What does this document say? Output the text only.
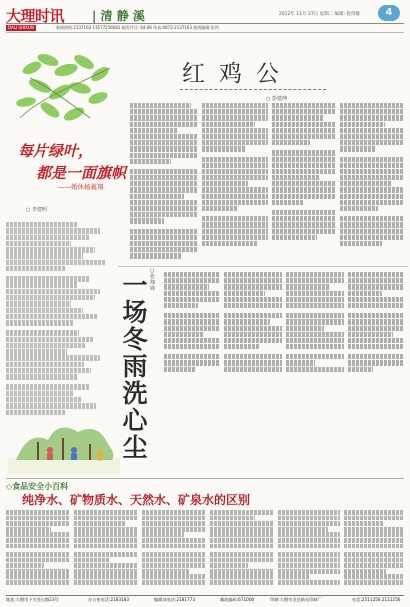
大理时讯 | 清 静 溪	2012年 11月 27日 星期二 编辑: 程剑雄	4
DALI SHIXUN	新闻热线:2137163 13577256081 邮发代号: 64-66 传真:0872-2137163 值班编辑:张剑
每片绿叶，
都是一面旗帜
——婚休杨翼翔
○ 李建明
红鸡公
○ 彭建坤
一场冬雨洗心尘
○ 张翔锋
◇食品安全小百科
纯净水、矿物质水、天然水、矿泉水的区别
地址:大理市下关苍山路23号	办公室电话:2183183	编辑部电话:2181773	邮政编码:671000	印刷:大理市圣达新光印刷厂	电话:2511256 2111256
